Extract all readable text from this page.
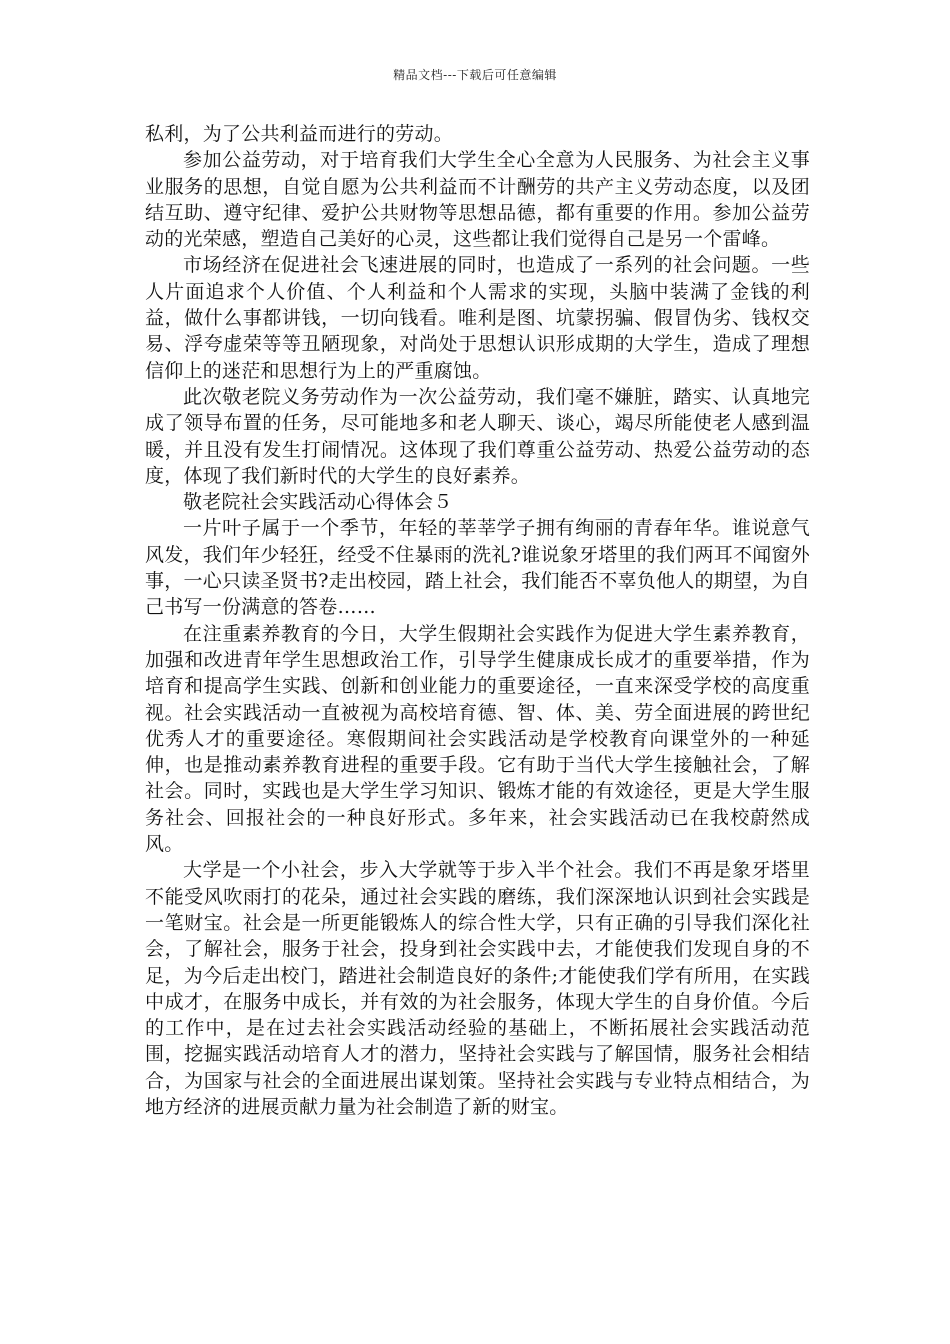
精品文档---下载后可任意编辑

私利，为了公共利益而进行的劳动。

参加公益劳动，对于培育我们大学生全心全意为人民服务、为社会主义事业服务的思想，自觉自愿为公共利益而不计酬劳的共产主义劳动态度，以及团结互助、遵守纪律、爱护公共财物等思想品德，都有重要的作用。参加公益劳动的光荣感，塑造自己美好的心灵，这些都让我们觉得自己是另一个雷峰。

市场经济在促进社会飞速进展的同时，也造成了一系列的社会问题。一些人片面追求个人价值、个人利益和个人需求的实现，头脑中装满了金钱的利益，做什么事都讲钱，一切向钱看。唯利是图、坑蒙拐骗、假冒伪劣、钱权交易、浮夸虚荣等等丑陋现象，对尚处于思想认识形成期的大学生，造成了理想信仰上的迷茫和思想行为上的严重腐蚀。

此次敬老院义务劳动作为一次公益劳动，我们毫不嫌脏，踏实、认真地完成了领导布置的任务，尽可能地多和老人聊天、谈心，竭尽所能使老人感到温暖，并且没有发生打闹情况。这体现了我们尊重公益劳动、热爱公益劳动的态度，体现了我们新时代的大学生的良好素养。

敬老院社会实践活动心得体会５

一片叶子属于一个季节，年轻的莘莘学子拥有绚丽的青春年华。谁说意气风发，我们年少轻狂，经受不住暴雨的洗礼?谁说象牙塔里的我们两耳不闻窗外事，一心只读圣贤书?走出校园，踏上社会，我们能否不辜负他人的期望，为自己书写一份满意的答卷……

在注重素养教育的今日，大学生假期社会实践作为促进大学生素养教育，加强和改进青年学生思想政治工作，引导学生健康成长成才的重要举措，作为培育和提高学生实践、创新和创业能力的重要途径，一直来深受学校的高度重视。社会实践活动一直被视为高校培育德、智、体、美、劳全面进展的跨世纪优秀人才的重要途径。寒假期间社会实践活动是学校教育向课堂外的一种延伸，也是推动素养教育进程的重要手段。它有助于当代大学生接触社会，了解社会。同时，实践也是大学生学习知识、锻炼才能的有效途径，更是大学生服务社会、回报社会的一种良好形式。多年来，社会实践活动已在我校蔚然成风。

大学是一个小社会，步入大学就等于步入半个社会。我们不再是象牙塔里不能受风吹雨打的花朵，通过社会实践的磨练，我们深深地认识到社会实践是一笔财宝。社会是一所更能锻炼人的综合性大学，只有正确的引导我们深化社会，了解社会，服务于社会，投身到社会实践中去，才能使我们发现自身的不足，为今后走出校门，踏进社会制造良好的条件;才能使我们学有所用，在实践中成才，在服务中成长，并有效的为社会服务，体现大学生的自身价值。今后的工作中，是在过去社会实践活动经验的基础上，不断拓展社会实践活动范围，挖掘实践活动培育人才的潜力，坚持社会实践与了解国情，服务社会相结合，为国家与社会的全面进展出谋划策。坚持社会实践与专业特点相结合，为地方经济的进展贡献力量为社会制造了新的财宝。
